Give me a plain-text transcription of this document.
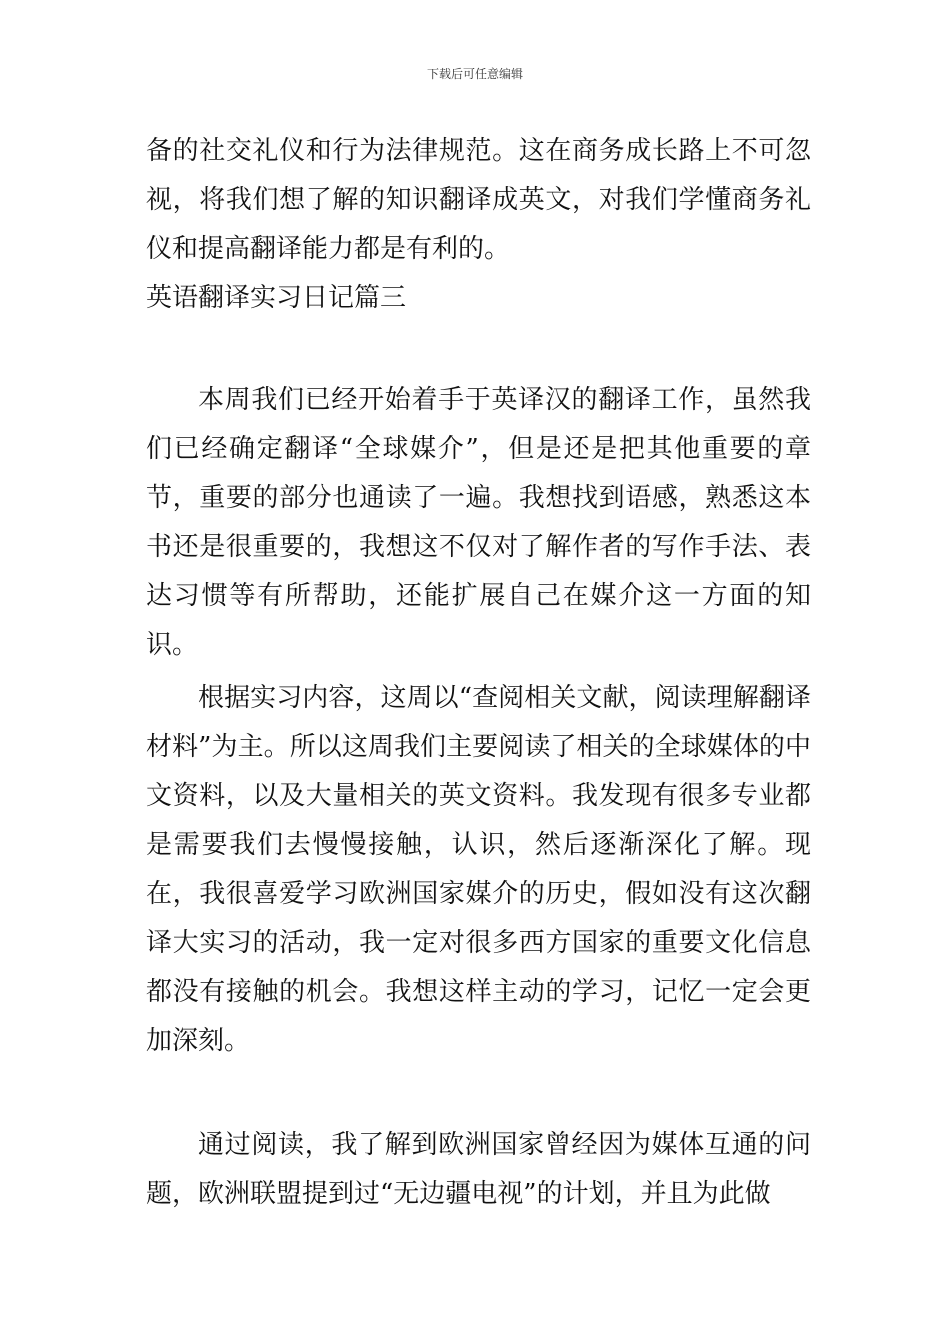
下载后可任意编辑

备的社交礼仪和行为法律规范。这在商务成长路上不可忽视，将我们想了解的知识翻译成英文，对我们学懂商务礼仪和提高翻译能力都是有利的。

英语翻译实习日记篇三

本周我们已经开始着手于英译汉的翻译工作，虽然我们已经确定翻译“全球媒介”，但是还是把其他重要的章节，重要的部分也通读了一遍。我想找到语感，熟悉这本书还是很重要的，我想这不仅对了解作者的写作手法、表达习惯等有所帮助，还能扩展自己在媒介这一方面的知识。

根据实习内容，这周以“查阅相关文献，阅读理解翻译材料”为主。所以这周我们主要阅读了相关的全球媒体的中文资料，以及大量相关的英文资料。我发现有很多专业都是需要我们去慢慢接触，认识，然后逐渐深化了解。现在，我很喜爱学习欧洲国家媒介的历史，假如没有这次翻译大实习的活动，我一定对很多西方国家的重要文化信息都没有接触的机会。我想这样主动的学习，记忆一定会更加深刻。

通过阅读，我了解到欧洲国家曾经因为媒体互通的问题，欧洲联盟提到过“无边疆电视”的计划，并且为此做
